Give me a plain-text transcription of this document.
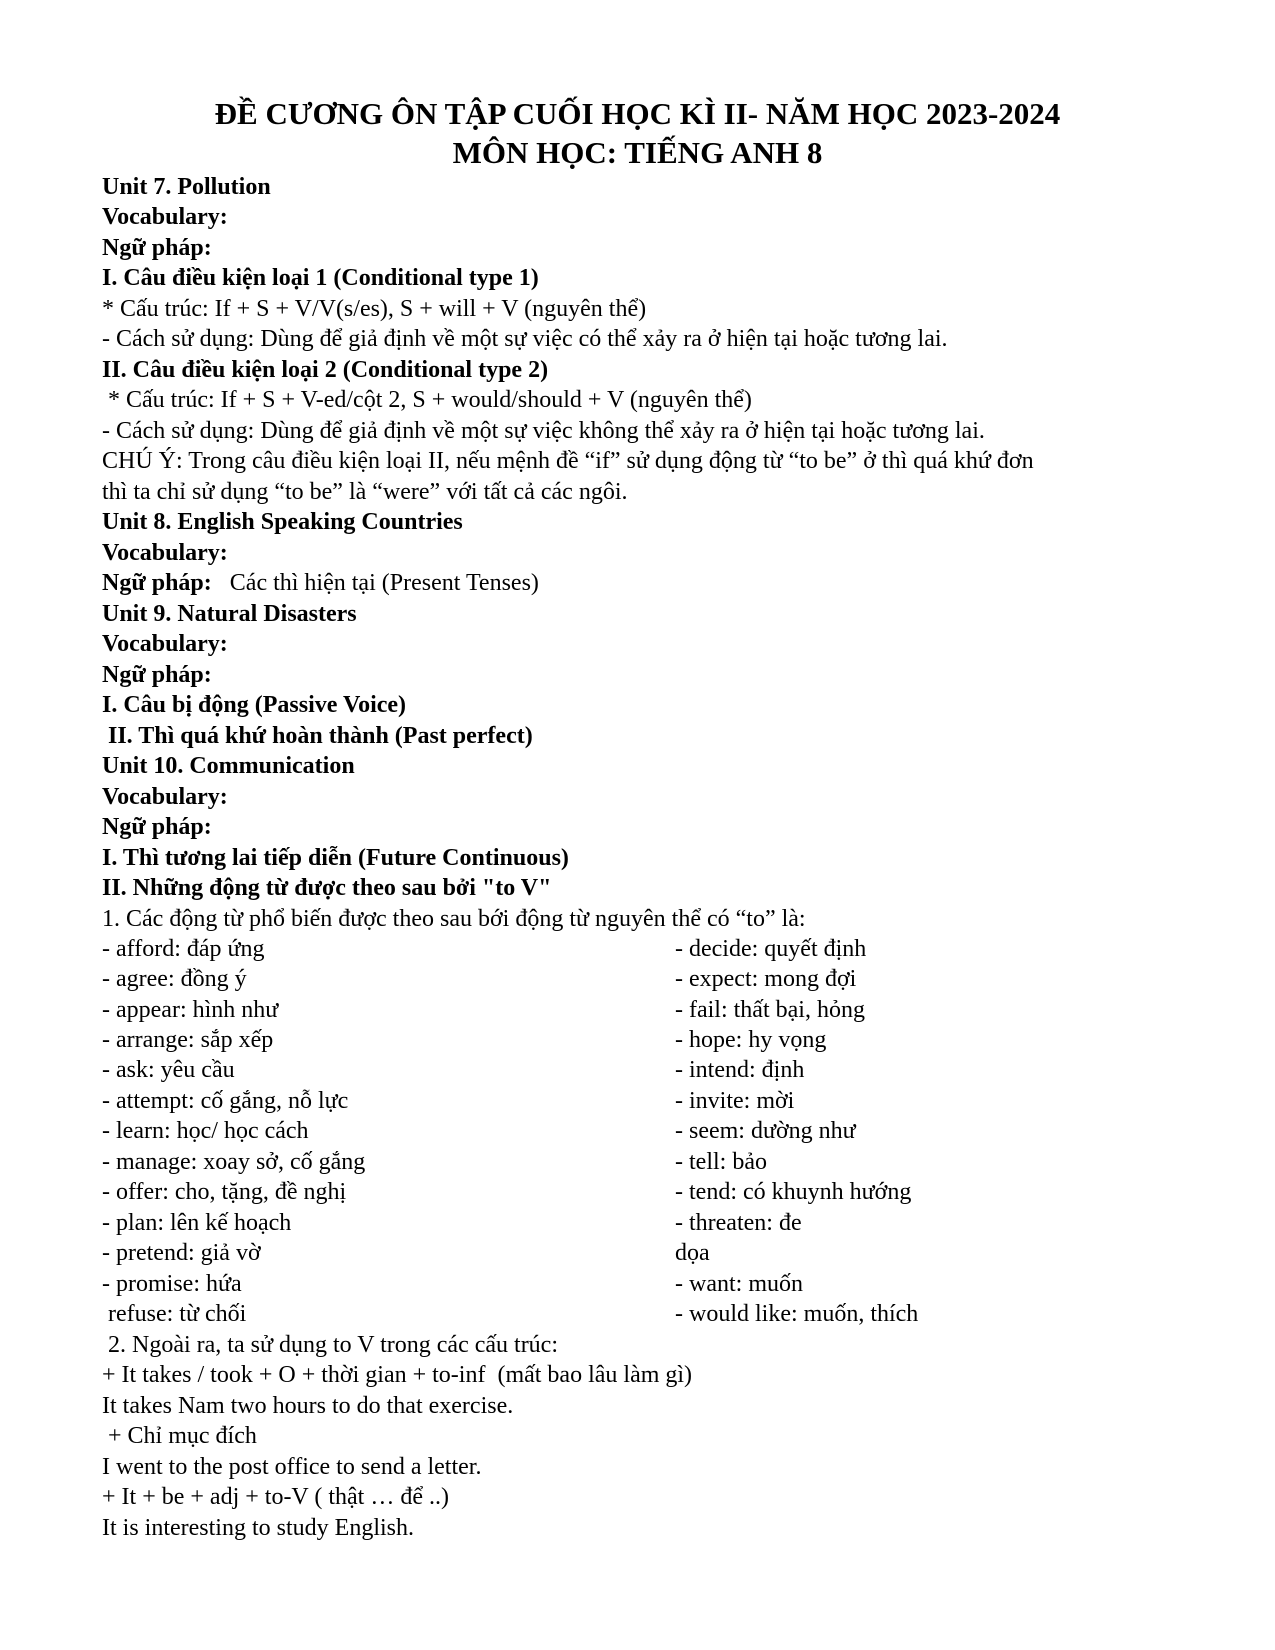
ĐỀ CƯƠNG ÔN TẬP CUỐI HỌC KÌ II- NĂM HỌC 2023-2024
MÔN HỌC: TIẾNG ANH 8
Unit 7. Pollution
Vocabulary:
Ngữ pháp:
I. Câu điều kiện loại 1 (Conditional type 1)
* Cấu trúc: If + S + V/V(s/es), S + will + V (nguyên thể)
- Cách sử dụng: Dùng để giả định về một sự việc có thể xảy ra ở hiện tại hoặc tương lai.
II. Câu điều kiện loại 2 (Conditional type 2)
* Cấu trúc: If + S + V-ed/cột 2, S + would/should + V (nguyên thể)
- Cách sử dụng: Dùng để giả định về một sự việc không thể xảy ra ở hiện tại hoặc tương lai.
CHÚ Ý: Trong câu điều kiện loại II, nếu mệnh đề “if” sử dụng động từ “to be” ở thì quá khứ đơn
thì ta chỉ sử dụng “to be” là “were” với tất cả các ngôi.
Unit 8. English Speaking Countries
Vocabulary:
Ngữ pháp:   Các thì hiện tại (Present Tenses)
Unit 9. Natural Disasters
Vocabulary:
Ngữ pháp:
I. Câu bị động (Passive Voice)
II. Thì quá khứ hoàn thành (Past perfect)
Unit 10. Communication
Vocabulary:
Ngữ pháp:
I. Thì tương lai tiếp diễn (Future Continuous)
II. Những động từ được theo sau bởi "to V"
1. Các động từ phổ biến được theo sau bới động từ nguyên thể có “to” là:
- afford: đáp ứng
- agree: đồng ý
- appear: hình như
- arrange: sắp xếp
- ask: yêu cầu
- attempt: cố gắng, nỗ lực
- learn: học/ học cách
- manage: xoay sở, cố gắng
- offer: cho, tặng, đề nghị
- plan: lên kế hoạch
- pretend: giả vờ
- promise: hứa
refuse: từ chối
- decide: quyết định
- expect: mong đợi
- fail: thất bại, hỏng
- hope: hy vọng
- intend: định
- invite: mời
- seem: dường như
- tell: bảo
- tend: có khuynh hướng
- threaten: đe
dọa
- want: muốn
- would like: muốn, thích
2. Ngoài ra, ta sử dụng to V trong các cấu trúc:
+ It takes / took + O + thời gian + to-inf  (mất bao lâu làm gì)
It takes Nam two hours to do that exercise.
+ Chỉ mục đích
I went to the post office to send a letter.
+ It + be + adj + to-V ( thật … để ..)
It is interesting to study English.
